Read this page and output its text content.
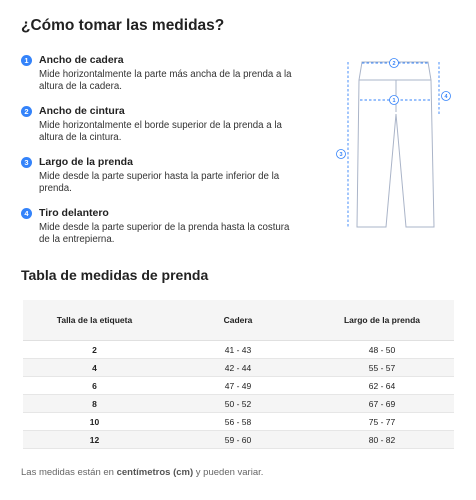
¿Cómo tomar las medidas?
1 Ancho de cadera
Mide horizontalmente la parte más ancha de la prenda a la altura de la cadera.
2 Ancho de cintura
Mide horizontalmente el borde superior de la prenda a la altura de la cintura.
3 Largo de la prenda
Mide desde la parte superior hasta la parte inferior de la prenda.
4 Tiro delantero
Mide desde la parte superior de la prenda hasta la costura de la entrepierna.
2
1
3
4
Tabla de medidas de prenda
Talla de la etiqueta	Cadera	Largo de la prenda
2	41 - 43	48 - 50
4	42 - 44	55 - 57
6	47 - 49	62 - 64
8	50 - 52	67 - 69
10	56 - 58	75 - 77
12	59 - 60	80 - 82

Las medidas están en centímetros (cm) y pueden variar.
